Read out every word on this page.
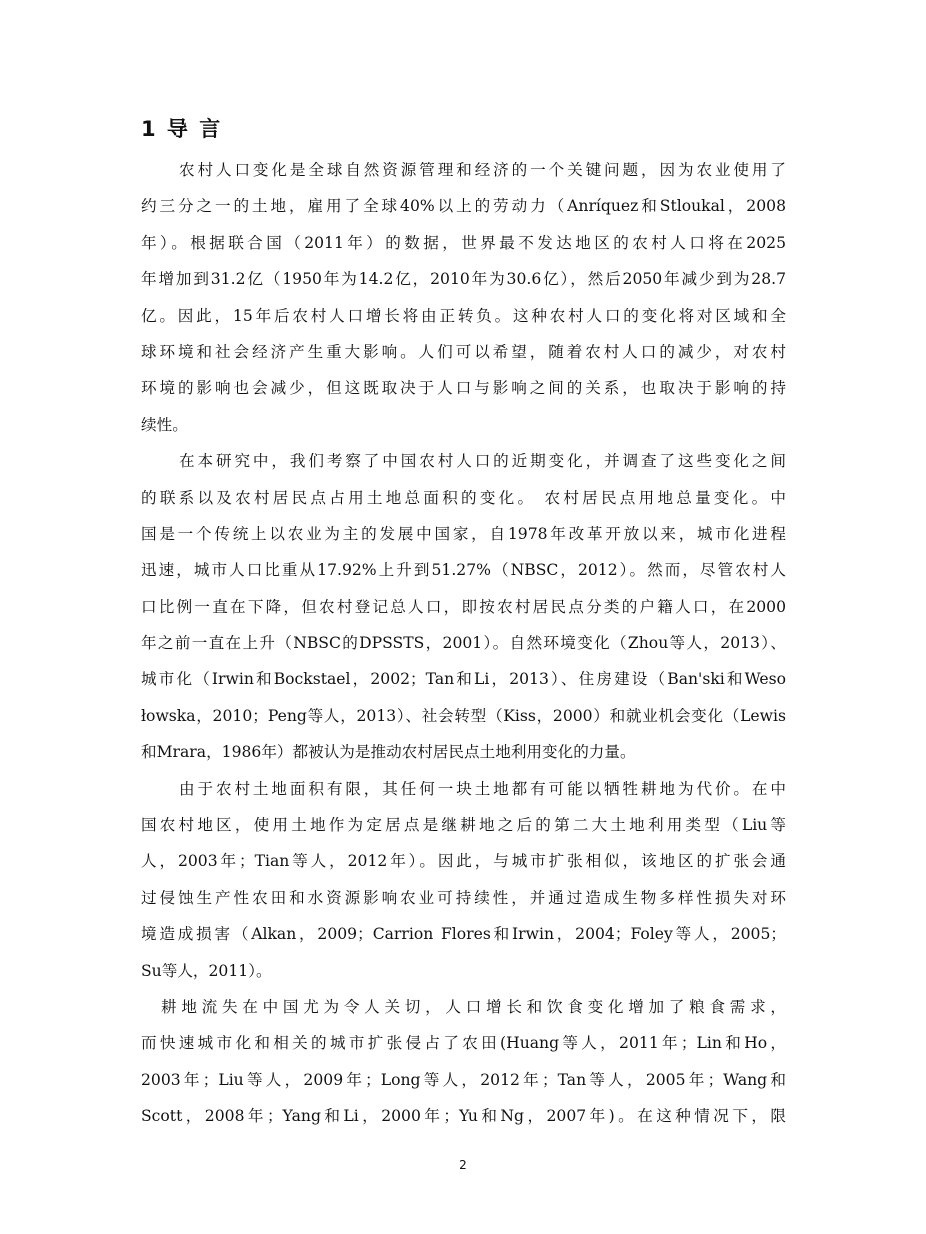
1 导 言
农村人口变化是全球自然资源管理和经济的一个关键问题，因为农业使用了
约三分之一的土地，雇用了全球40%以上的劳动力（Anríquez和Stloukal，2008
年）。根据联合国（2011年）的数据，世界最不发达地区的农村人口将在2025
年增加到31.2亿（1950年为14.2亿，2010年为30.6亿），然后2050年减少到为28.7
亿。因此，15年后农村人口增长将由正转负。这种农村人口的变化将对区域和全
球环境和社会经济产生重大影响。人们可以希望，随着农村人口的减少，对农村
环境的影响也会减少，但这既取决于人口与影响之间的关系，也取决于影响的持
续性。
在本研究中，我们考察了中国农村人口的近期变化，并调查了这些变化之间
的联系以及农村居民点占用土地总面积的变化。 农村居民点用地总量变化。中
国是一个传统上以农业为主的发展中国家，自1978年改革开放以来，城市化进程
迅速，城市人口比重从17.92%上升到51.27%（NBSC，2012）。然而，尽管农村人
口比例一直在下降，但农村登记总人口，即按农村居民点分类的户籍人口，在2000
年之前一直在上升（NBSC的DPSSTS，2001）。自然环境变化（Zhou等人，2013）、
城市化（Irwin和Bockstael，2002；Tan和Li，2013）、住房建设（Ban'ski和Weso
łowska，2010；Peng等人，2013）、社会转型（Kiss，2000）和就业机会变化（Lewis
和Mrara，1986年）都被认为是推动农村居民点土地利用变化的力量。
由于农村土地面积有限，其任何一块土地都有可能以牺牲耕地为代价。在中
国农村地区，使用土地作为定居点是继耕地之后的第二大土地利用类型（Liu等
人，2003年；Tian等人，2012年）。因此，与城市扩张相似，该地区的扩张会通
过侵蚀生产性农田和水资源影响农业可持续性，并通过造成生物多样性损失对环
境造成损害（Alkan，2009；Carrion Flores和Irwin，2004；Foley等人，2005；
Su等人，2011）。
耕地流失在中国尤为令人关切，人口增长和饮食变化增加了粮食需求，
而快速城市化和相关的城市扩张侵占了农田(Huang等人，2011年；Lin和Ho，
2003年；Liu等人，2009年；Long等人，2012年；Tan等人，2005年；Wang和
Scott，2008年；Yang和Li，2000年；Yu和Ng，2007年)。在这种情况下，限
2
